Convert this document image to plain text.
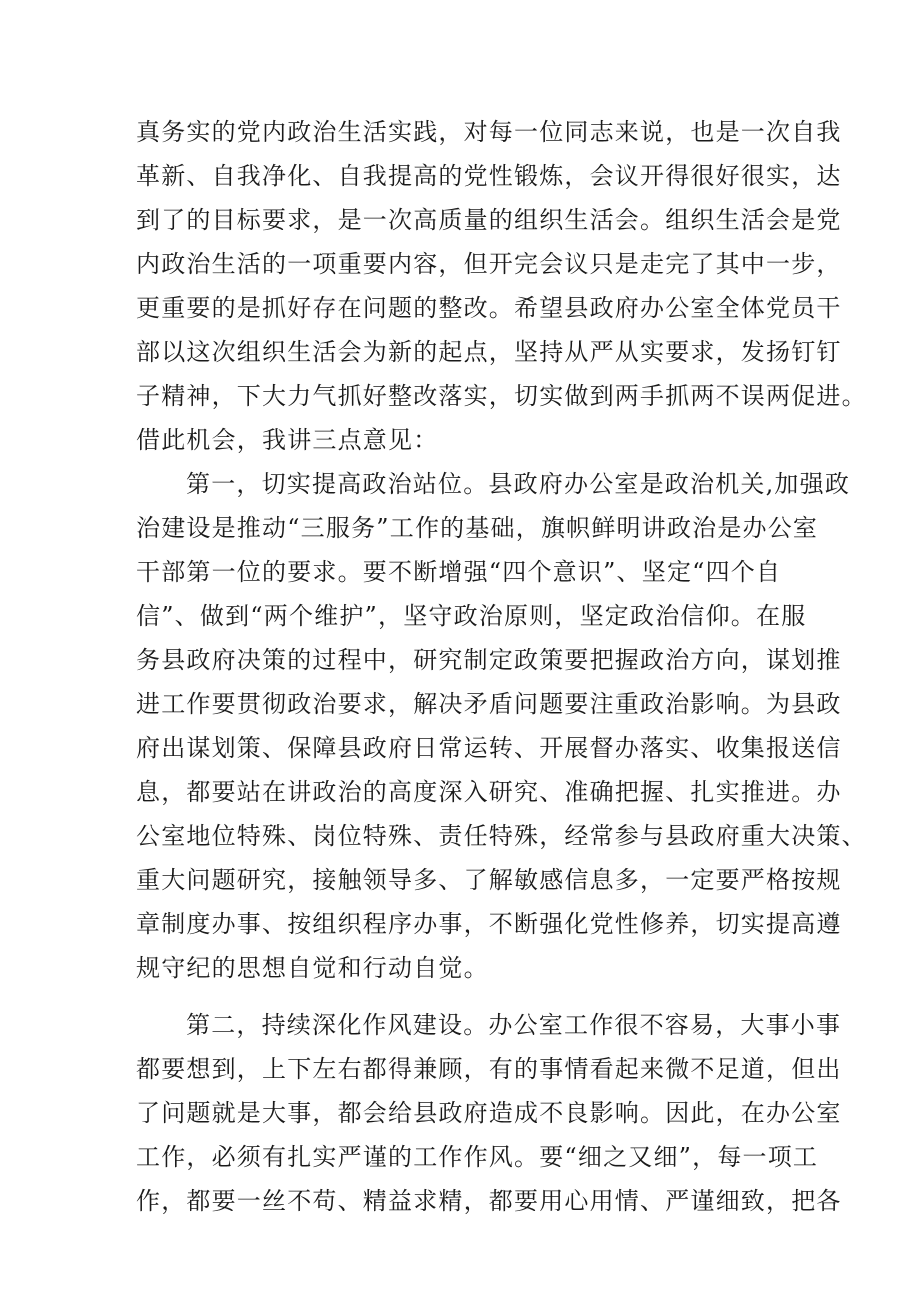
真务实的党内政治生活实践，对每一位同志来说，也是一次自我
革新、自我净化、自我提高的党性锻炼，会议开得很好很实，达
到了的目标要求，是一次高质量的组织生活会。组织生活会是党
内政治生活的一项重要内容，但开完会议只是走完了其中一步，
更重要的是抓好存在问题的整改。希望县政府办公室全体党员干
部以这次组织生活会为新的起点，坚持从严从实要求，发扬钉钉
子精神，下大力气抓好整改落实，切实做到两手抓两不误两促进。
借此机会，我讲三点意见：
第一，切实提高政治站位。县政府办公室是政治机关,加强政
治建设是推动“三服务”工作的基础，旗帜鲜明讲政治是办公室
干部第一位的要求。要不断增强“四个意识”、坚定“四个自
信”、做到“两个维护”，坚守政治原则，坚定政治信仰。在服
务县政府决策的过程中，研究制定政策要把握政治方向，谋划推
进工作要贯彻政治要求，解决矛盾问题要注重政治影响。为县政
府出谋划策、保障县政府日常运转、开展督办落实、收集报送信
息，都要站在讲政治的高度深入研究、准确把握、扎实推进。办
公室地位特殊、岗位特殊、责任特殊，经常参与县政府重大决策、
重大问题研究，接触领导多、了解敏感信息多，一定要严格按规
章制度办事、按组织程序办事，不断强化党性修养，切实提高遵
规守纪的思想自觉和行动自觉。
第二，持续深化作风建设。办公室工作很不容易，大事小事
都要想到，上下左右都得兼顾，有的事情看起来微不足道，但出
了问题就是大事，都会给县政府造成不良影响。因此，在办公室
工作，必须有扎实严谨的工作作风。要“细之又细”，每一项工
作，都要一丝不苟、精益求精，都要用心用情、严谨细致，把各
